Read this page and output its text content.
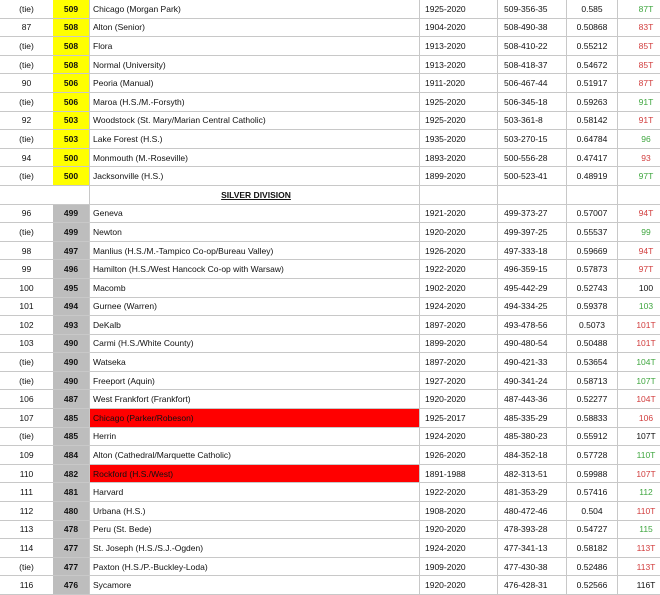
(tie)	509	Chicago (Morgan Park)	1925-2020	509-356-35	0.585	87T
87	508	Alton (Senior)	1904-2020	508-490-38	0.50868	83T
(tie)	508	Flora	1913-2020	508-410-22	0.55212	85T
(tie)	508	Normal (University)	1913-2020	508-418-37	0.54672	85T
90	506	Peoria (Manual)	1911-2020	506-467-44	0.51917	87T
(tie)	506	Maroa (H.S./M.-Forsyth)	1925-2020	506-345-18	0.59263	91T
92	503	Woodstock (St. Mary/Marian Central Catholic)	1925-2020	503-361-8	0.58142	91T
(tie)	503	Lake Forest (H.S.)	1935-2020	503-270-15	0.64784	96
94	500	Monmouth (M.-Roseville)	1893-2020	500-556-28	0.47417	93
(tie)	500	Jacksonville (H.S.)	1899-2020	500-523-41	0.48919	97T
		SILVER DIVISION				
96	499	Geneva	1921-2020	499-373-27	0.57007	94T
(tie)	499	Newton	1920-2020	499-397-25	0.55537	99
98	497	Manlius (H.S./M.-Tampico Co-op/Bureau Valley)	1926-2020	497-333-18	0.59669	94T
99	496	Hamilton (H.S./West Hancock Co-op with Warsaw)	1922-2020	496-359-15	0.57873	97T
100	495	Macomb	1902-2020	495-442-29	0.52743	100
101	494	Gurnee (Warren)	1924-2020	494-334-25	0.59378	103
102	493	DeKalb	1897-2020	493-478-56	0.5073	101T
103	490	Carmi (H.S./White County)	1899-2020	490-480-54	0.50488	101T
(tie)	490	Watseka	1897-2020	490-421-33	0.53654	104T
(tie)	490	Freeport (Aquin)	1927-2020	490-341-24	0.58713	107T
106	487	West Frankfort (Frankfort)	1920-2020	487-443-36	0.52277	104T
107	485	Chicago (Parker/Robeson)	1925-2017	485-335-29	0.58833	106
(tie)	485	Herrin	1924-2020	485-380-23	0.55912	107T
109	484	Alton (Cathedral/Marquette Catholic)	1926-2020	484-352-18	0.57728	110T
110	482	Rockford (H.S./West)	1891-1988	482-313-51	0.59988	107T
111	481	Harvard	1922-2020	481-353-29	0.57416	112
112	480	Urbana (H.S.)	1908-2020	480-472-46	0.504	110T
113	478	Peru (St. Bede)	1920-2020	478-393-28	0.54727	115
114	477	St. Joseph (H.S./S.J.-Ogden)	1924-2020	477-341-13	0.58182	113T
(tie)	477	Paxton (H.S./P.-Buckley-Loda)	1909-2020	477-430-38	0.52486	113T
116	476	Sycamore	1920-2020	476-428-31	0.52566	116T
